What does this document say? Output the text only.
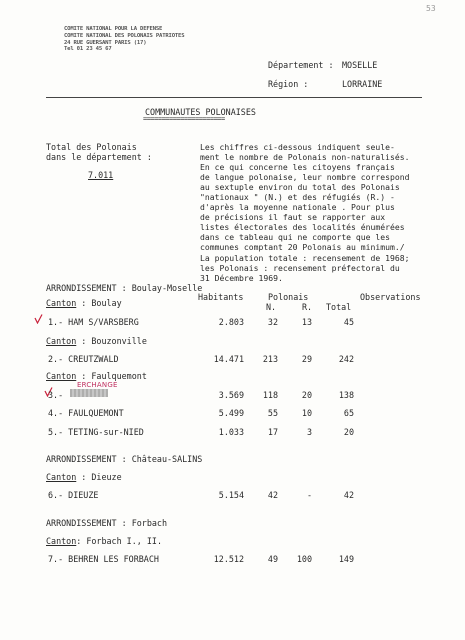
53
COMITE NATIONAL POUR LA DEFENSE
COMITE NATIONAL DES POLONAIS PATRIOTES
24 RUE GUERSANT PARIS (17)
Tel 01 23 45 67
Département : MOSELLE
Région :	LORRAINE
COMMUNAUTES POLONAISES
======================
Total des Polonais
dans le département :
7.011
Les chiffres ci-dessous indiquent seule-
ment le nombre de Polonais non-naturalisés.
En ce qui concerne les citoyens français
de langue polonaise, leur nombre correspond
au sextuple environ du total des Polonais
"nationaux " (N.) et des réfugiés (R.) -
d'après la moyenne nationale . Pour plus
de précisions il faut se rapporter aux
listes électorales des localités énumérées
dans ce tableau qui ne comporte que les
communes comptant 20 Polonais au minimum./
La population totale : recensement de 1968;
les Polonais : recensement préfectoral du
31 Décembre 1969.
ARRONDISSEMENT : Boulay-Moselle
Polonais	Observations
Habitants
N.	R. Total
Canton : Boulay
1.- HAM S/VARSBERG	2.803	32	13	45
Canton : Bouzonville
2.- CREUTZWALD	14.471	213	29	242
Canton : Faulquemont
ERCHANGE
3.-	3.569	118	20	138
4.- FAULQUEMONT	5.499	55	10	65
5.- TETING-sur-NIED	1.033	17	3	20
ARRONDISSEMENT : Château-SALINS
Canton : Dieuze
6.- DIEUZE	5.154	42	-	42
ARRONDISSEMENT : Forbach
Canton: Forbach I., II.
7.- BEHREN LES FORBACH	12.512	49	100	149
